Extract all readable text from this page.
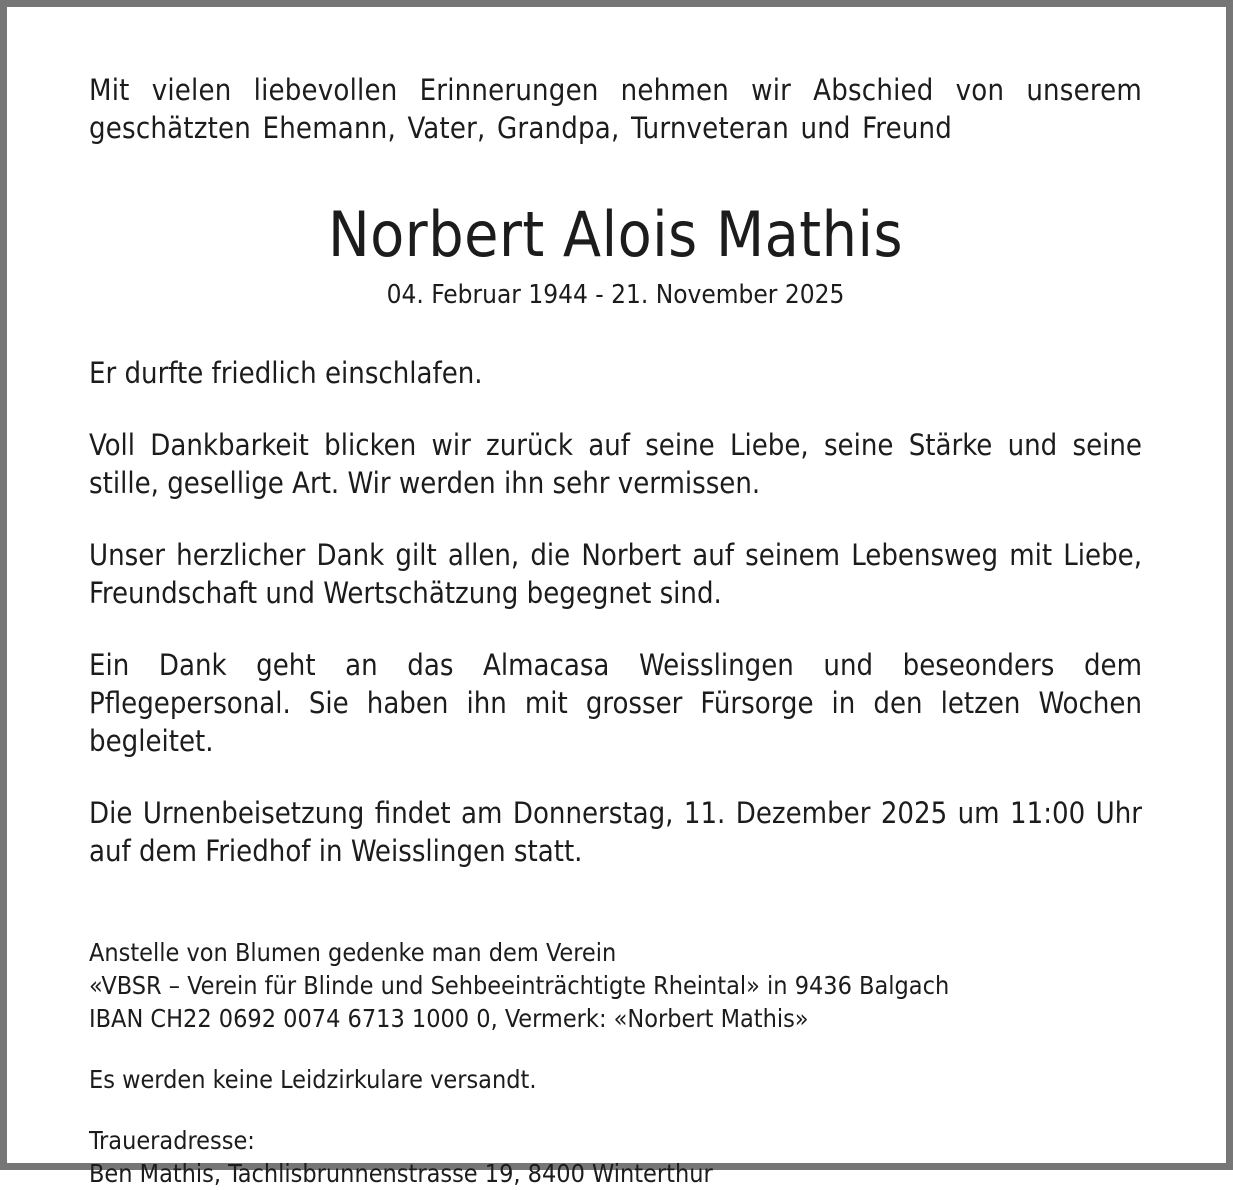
Mit vielen liebevollen Erinnerungen nehmen wir Abschied von unserem geschätzten Ehemann, Vater, Grandpa, Turnveteran und Freund
Norbert Alois Mathis
04. Februar 1944 - 21. November 2025

Er durfte friedlich einschlafen.

Voll Dankbarkeit blicken wir zurück auf seine Liebe, seine Stärke und seine stille, gesellige Art. Wir werden ihn sehr vermissen.

Unser herzlicher Dank gilt allen, die Norbert auf seinem Lebensweg mit Liebe, Freundschaft und Wertschätzung begegnet sind.

Ein Dank geht an das Almacasa Weisslingen und beseonders dem Pflegepersonal. Sie haben ihn mit grosser Fürsorge in den letzen Wochen begleitet.

Die Urnenbeisetzung findet am Donnerstag, 11. Dezember 2025 um 11:00 Uhr auf dem Friedhof in Weisslingen statt.

Anstelle von Blumen gedenke man dem Verein
«VBSR – Verein für Blinde und Sehbeeinträchtigte Rheintal» in 9436 Balgach
IBAN CH22 0692 0074 6713 1000 0, Vermerk: «Norbert Mathis»
Es werden keine Leidzirkulare versandt.
Traueradresse:
Ben Mathis, Tachlisbrunnenstrasse 19, 8400 Winterthur
